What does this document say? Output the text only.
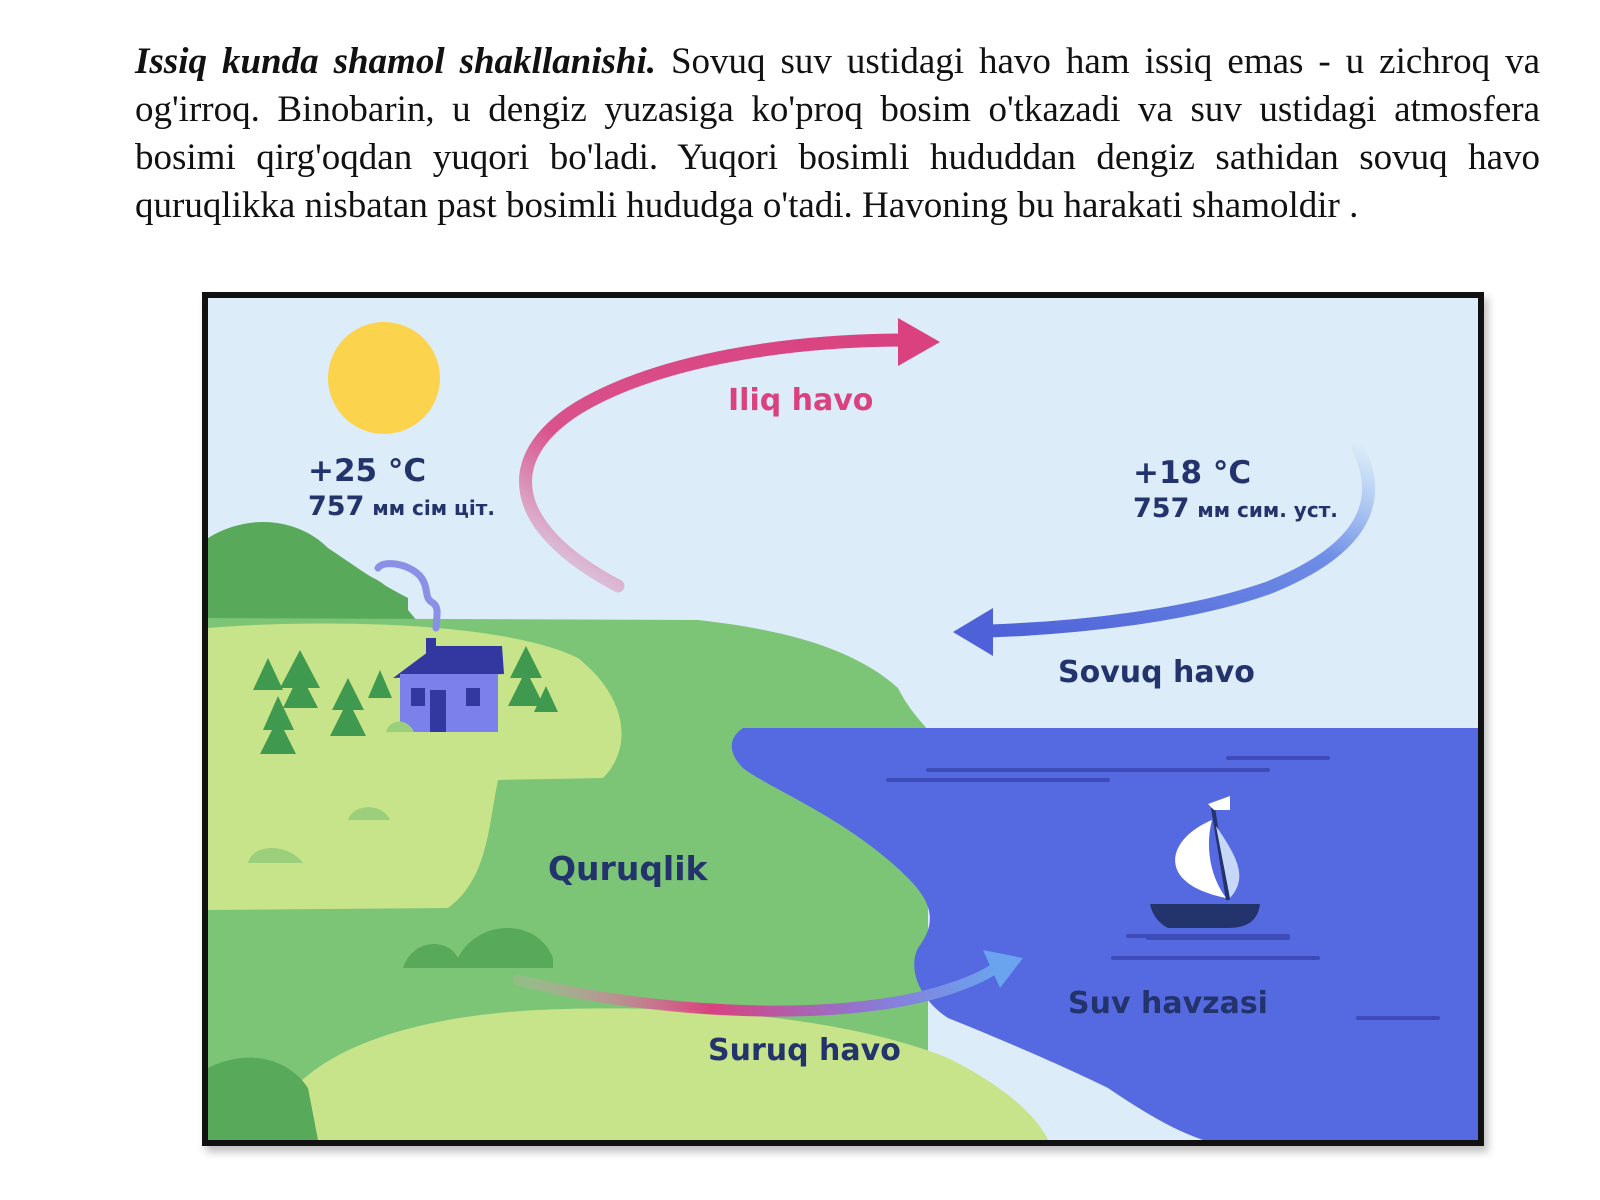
Issiq kunda shamol shakllanishi. Sovuq suv ustidagi havo ham issiq emas - u zichroq va og'irroq. Binobarin, u dengiz yuzasiga ko'proq bosim o'tkazadi va suv ustidagi atmosfera bosimi qirg'oqdan yuqori bo'ladi. Yuqori bosimli hududdan dengiz sathidan sovuq havo quruqlikka nisbatan past bosimli hududga o'tadi. Havoning bu harakati shamoldir .

Iliq havo
Sovuq havo
Suruq havo
Quruqlik
Suv havzasi
+25 °C
757 мм сім ціт.
+18 °C
757 мм сим. уст.
